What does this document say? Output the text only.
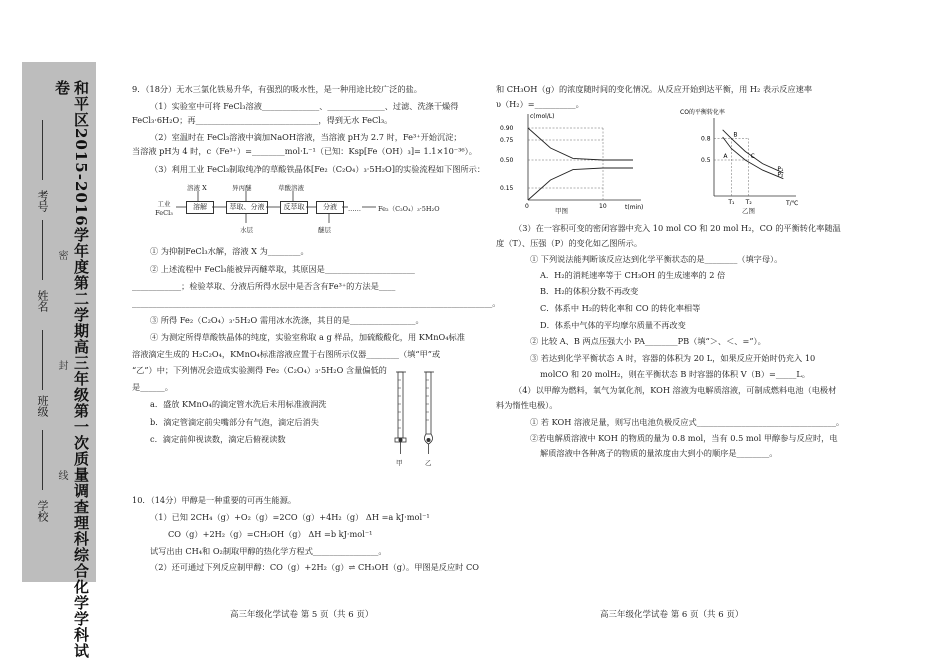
和平区2015-2016学年度第二学期高三年级第一次质量调查理科综合化学学科试卷
学校
班级
姓名
考号
密
封
线
9．（18分）无水三氯化铁易升华，有强烈的吸水性，是一种用途比较广泛的盐。
（1）实验室中可将 FeCl₃溶液______________、______________、过滤、洗涤干燥得
FeCl₃·6H₂O；再______________________________，得到无水 FeCl₃。
（2）室温时在 FeCl₃溶液中滴加NaOH溶液，当溶液 pH为 2.7 时，Fe³⁺开始沉淀；
当溶液 pH为 4 时，c（Fe³⁺）=________mol·L⁻¹（已知：Ksp[Fe（OH）₃]= 1.1×10⁻³⁶）。
（3）利用工业 FeCl₃制取纯净的草酸铁晶体[Fe₂（C₂O₄）₃·5H₂O]的实验流程如下图所示：
工业FeCl₃
溶解	萃取、分液	反萃取	分液	……	Fe₂（C₂O₄）₃·5H₂O
溶液 X	异丙醚	草酸溶液
水层	醚层
① 为抑制FeCl₃水解，溶液 X 为________。
② 上述流程中 FeCl₃能被异丙醚萃取，其原因是______________________
____________；检验萃取、分液后所得水层中是否含有Fe³⁺的方法是____
________________________________________________________________________________________。
③ 所得 Fe₂（C₂O₄）₃·5H₂O 需用冰水洗涤，其目的是________________。
④ 为测定所得草酸铁晶体的纯度，实验室称取 a g 样品，加硫酸酸化，用 KMnO₄标准
溶液滴定生成的 H₂C₂O₄，KMnO₄标准溶液应置于右图所示仪器________（填“甲”或
“乙”）中；下列情况会造成实验测得 Fe₂（C₂O₄）₃·5H₂O 含量偏低的
是______。
a．盛放 KMnO₄的滴定管水洗后未用标准液润洗
b．滴定管滴定前尖嘴部分有气泡，滴定后消失
c．滴定前仰视读数，滴定后俯视读数
甲	乙
10．（14分）甲醇是一种重要的可再生能源。
（1）已知 2CH₄（g）+O₂（g）=2CO（g）+4H₂（g） ΔH =a kJ·mol⁻¹
CO（g）+2H₂（g）=CH₃OH（g） ΔH =b kJ·mol⁻¹
试写出由 CH₄和 O₂制取甲醇的热化学方程式________________。
（2）还可通过下列反应制甲醇：CO（g）+2H₂（g）⇌ CH₃OH（g）。甲图是反应时 CO
高三年级化学试卷 第 5 页（共 6 页）
和 CH₃OH（g）的浓度随时间的变化情况。从反应开始到达平衡，用 H₂ 表示反应速率
υ（H₂）=__________。
c(mol/L)
t(min)
0.15
0.50
0.75
0.90
0	10
甲图
CO的平衡转化率
T/℃
0.5
0.8
T₁ T₂
P₁
P₂
A
B
C
乙图
（3）在一容积可变的密闭容器中充入 10 mol CO 和 20 mol H₂，CO 的平衡转化率随温
度（T）、压强（P）的变化如乙图所示。
① 下列说法能判断该反应达到化学平衡状态的是________（填字母）。
A．H₂的消耗速率等于 CH₃OH 的生成速率的 2 倍
B．H₂的体积分数不再改变
C．体系中 H₂的转化率和 CO 的转化率相等
D．体系中气体的平均摩尔质量不再改变
② 比较 A、B 两点压强大小 PA________PB（填“＞、＜、=”）。
③ 若达到化学平衡状态 A 时，容器的体积为 20 L，如果反应开始时仍充入 10
molCO 和 20 molH₂，则在平衡状态 B 时容器的体积 V（B）=_____L。
（4）以甲醇为燃料，氧气为氧化剂，KOH 溶液为电解质溶液，可制成燃料电池（电极材
料为惰性电极）。
① 若 KOH 溶液足量，则写出电池负极反应式__________________________________。
②若电解质溶液中 KOH 的物质的量为 0.8 mol，当有 0.5 mol 甲醇参与反应时，电
解质溶液中各种离子的物质的量浓度由大到小的顺序是________。
高三年级化学试卷 第 6 页（共 6 页）
